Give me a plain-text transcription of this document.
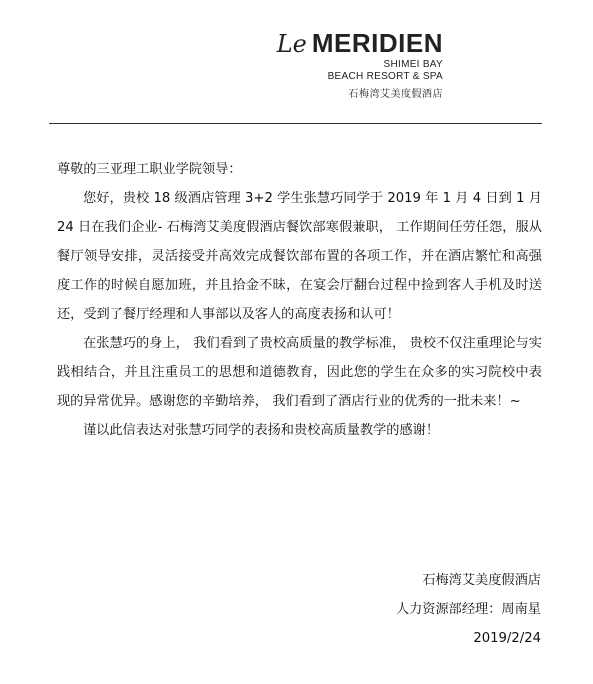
Le MERIDIEN
SHIMEI BAY
BEACH RESORT & SPA
石梅湾艾美度假酒店

尊敬的三亚理工职业学院领导：

您好，贵校 18 级酒店管理 3+2 学生张慧巧同学于 2019 年 1 月 4 日到 1 月 24 日在我们企业- 石梅湾艾美度假酒店餐饮部寒假兼职， 工作期间任劳任怨，服从餐厅领导安排，灵活接受并高效完成餐饮部布置的各项工作，并在酒店繁忙和高强度工作的时候自愿加班，并且拾金不昧，在宴会厅翻台过程中捡到客人手机及时送还，受到了餐厅经理和人事部以及客人的高度表扬和认可！

在张慧巧的身上， 我们看到了贵校高质量的教学标准， 贵校不仅注重理论与实践相结合，并且注重员工的思想和道德教育，因此您的学生在众多的实习院校中表现的异常优异。感谢您的辛勤培养， 我们看到了酒店行业的优秀的一批未来！~

谨以此信表达对张慧巧同学的表扬和贵校高质量教学的感谢！

石梅湾艾美度假酒店
人力资源部经理：周南星
2019/2/24
